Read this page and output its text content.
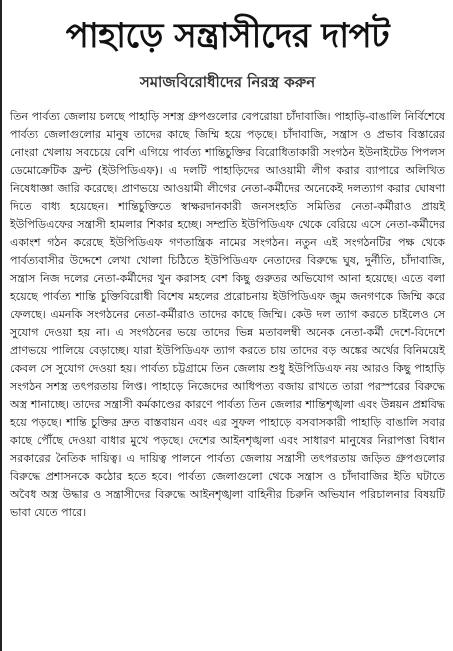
পাহাড়ে সন্ত্রাসীদের দাপট
সমাজবিরোধীদের নিরস্ত্র করুন

তিন পার্বত্য জেলায় চলছে পাহাড়ি সশস্ত্র গ্রুপগুলোর বেপরোয়া চাঁদাবাজি। পাহাড়ি-বাঙালি নির্বিশেষে পার্বত্য জেলাগুলোর মানুষ তাদের কাছে জিম্মি হয়ে পড়ছে। চাঁদাবাজি, সন্ত্রাস ও প্রভাব বিস্তারের নোংরা খেলায় সবচেয়ে বেশি এগিয়ে পার্বত্য শান্তিচুক্তির বিরোধিতাকারী সংগঠন ইউনাইটেড পিপলস ডেমোক্রেটিক ফ্রন্ট (ইউপিডিএফ)। এ দলটি পাহাড়িদের আওয়ামী লীগ করার ব্যাপারে অলিখিত নিষেধাজ্ঞা জারি করেছে। প্রাণভয়ে আওয়ামী লীগের নেতা-কর্মীদের অনেকেই দলত্যাগ করার ঘোষণা দিতে বাধ্য হয়েছেন। শান্তিচুক্তিতে স্বাক্ষরদানকারী জনসংহতি সমিতির নেতা-কর্মীরাও প্রায়ই ইউপিডিএফের সন্ত্রাসী হামলার শিকার হচ্ছে। সম্প্রতি ইউপিডিএফ থেকে বেরিয়ে এসে নেতা-কর্মীদের একাংশ গঠন করেছে ইউপিডিএফ গণতান্ত্রিক নামের সংগঠন। নতুন এই সংগঠনটির পক্ষ থেকে পার্বত্যবাসীর উদ্দেশে লেখা খোলা চিঠিতে ইউপিডিএফ নেতাদের বিরুদ্ধে ঘুষ, দুর্নীতি, চাঁদাবাজি, সন্ত্রাস নিজ দলের নেতা-কর্মীদের খুন করাসহ বেশ কিছু গুরুতর অভিযোগ আনা হয়েছে। এতে বলা হয়েছে পার্বত্য শান্তি চুক্তিবিরোধী বিশেষ মহলের প্ররোচনায় ইউপিডিএফ জুম জনগণকে জিম্মি করে ফেলছে। এমনকি সংগঠনের নেতা-কর্মীরাও তাদের কাছে জিম্মি। কেউ দল ত্যাগ করতে চাইলেও সে সুযোগ দেওয়া হয় না। এ সংগঠনের ভয়ে তাদের ভিন্ন মতাবলম্বী অনেক নেতা-কর্মী দেশে-বিদেশে প্রাণভয়ে পালিয়ে বেড়াচ্ছে। যারা ইউপিডিএফ ত্যাগ করতে চায় তাদের বড় অঙ্কের অর্থের বিনিময়েই কেবল সে সুযোগ দেওয়া হয়। পার্বত্য চট্টগ্রামে তিন জেলায় শুধু ইউপিডিএফ নয় আরও কিছু পাহাড়ি সংগঠন সশস্ত্র তৎপরতায় লিপ্ত। পাহাড়ে নিজেদের আধিপত্য বজায় রাখতে তারা পরস্পরের বিরুদ্ধে অস্ত্র শানাচ্ছে। তাদের সন্ত্রাসী কর্মকাণ্ডের কারণে পার্বত্য তিন জেলার শান্তিশৃঙ্খলা এবং উন্নয়ন প্রশ্নবিদ্ধ হয়ে পড়ছে। শান্তি চুক্তির দ্রুত বাস্তবায়ন এবং এর সুফল পাহাড়ে বসবাসকারী পাহাড়ি বাঙালি সবার কাছে পৌঁছে দেওয়া বাধার মুখে পড়ছে। দেশের আইনশৃঙ্খলা এবং সাধারণ মানুষের নিরাপত্তা বিধান সরকারের নৈতিক দায়িত্ব। এ দায়িত্ব পালনে পার্বত্য জেলায় সন্ত্রাসী তৎপরতায় জড়িত গ্রুপগুলোর বিরুদ্ধে প্রশাসনকে কঠোর হতে হবে। পার্বত্য জেলাগুলো থেকে সন্ত্রাস ও চাঁদাবাজির ইতি ঘটাতে অবৈধ অস্ত্র উদ্ধার ও সন্ত্রাসীদের বিরুদ্ধে আইনশৃঙ্খলা বাহিনীর চিরুনি অভিযান পরিচালনার বিষয়টি ভাবা যেতে পারে।
